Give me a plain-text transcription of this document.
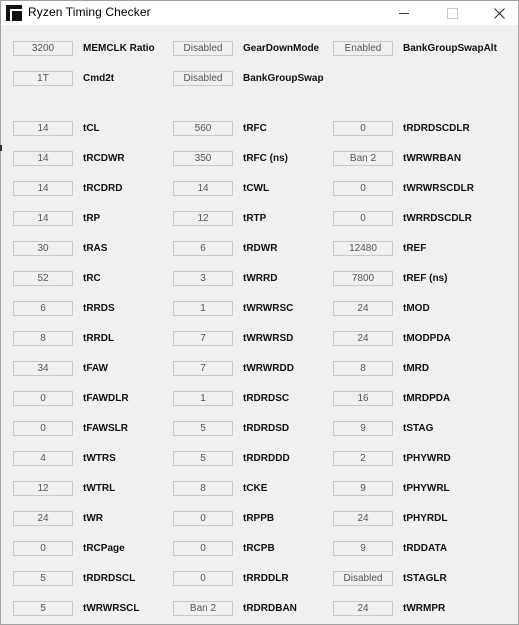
Ryzen Timing Checker
3200	MEMCLK Ratio	Disabled	GearDownMode	Enabled	BankGroupSwapAlt
1T	Cmd2t	Disabled	BankGroupSwap
14	tCL	560	tRFC	0	tRDRDSCDLR
14	tRCDWR	350	tRFC (ns)	Ban 2	tWRWRBAN
14	tRCDRD	14	tCWL	0	tWRWRSCDLR
14	tRP	12	tRTP	0	tWRRDSCDLR
30	tRAS	6	tRDWR	12480	tREF
52	tRC	3	tWRRD	7800	tREF (ns)
6	tRRDS	1	tWRWRSC	24	tMOD
8	tRRDL	7	tWRWRSD	24	tMODPDA
34	tFAW	7	tWRWRDD	8	tMRD
0	tFAWDLR	1	tRDRDSC	16	tMRDPDA
0	tFAWSLR	5	tRDRDSD	9	tSTAG
4	tWTRS	5	tRDRDDD	2	tPHYWRD
12	tWTRL	8	tCKE	9	tPHYWRL
24	tWR	0	tRPPB	24	tPHYRDL
0	tRCPage	0	tRCPB	9	tRDDATA
5	tRDRDSCL	0	tRRDDLR	Disabled	tSTAGLR
5	tWRWRSCL	Ban 2	tRDRDBAN	24	tWRMPR
